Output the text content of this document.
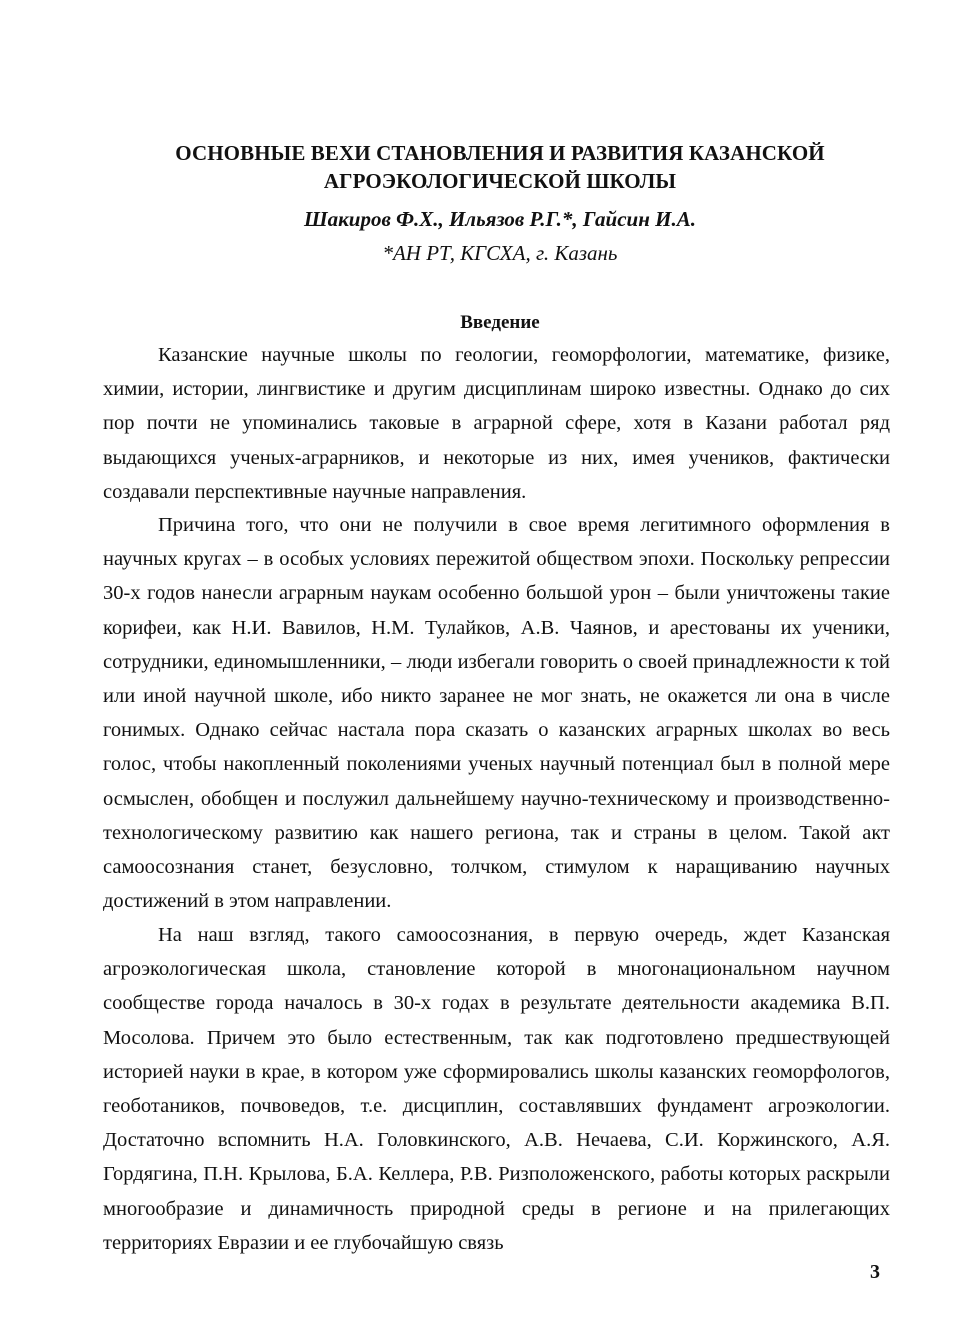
ОСНОВНЫЕ ВЕХИ СТАНОВЛЕНИЯ И РАЗВИТИЯ КАЗАНСКОЙ
АГРОЭКОЛОГИЧЕСКОЙ ШКОЛЫ
Шакиров Ф.Х., Ильязов Р.Г.*, Гайсин И.А.
*АН РТ, КГСХА, г. Казань
Введение

Казанские научные школы по геологии, геоморфологии, математике, физике, химии, истории, лингвистике и другим дисциплинам широко известны. Однако до сих пор почти не упоминались таковые в аграрной сфере, хотя в Казани работал ряд выдающихся ученых-аграрников, и некоторые из них, имея учеников, фактически создавали перспективные научные направления.

Причина того, что они не получили в свое время легитимного оформления в научных кругах – в особых условиях пережитой обществом эпохи. Поскольку репрессии 30-х годов нанесли аграрным наукам особенно большой урон – были уничтожены такие корифеи, как Н.И. Вавилов, Н.М. Тулайков, А.В. Чаянов, и арестованы их ученики, сотрудники, единомышленники, – люди избегали говорить о своей принадлежности к той или иной научной школе, ибо никто заранее не мог знать, не окажется ли она в числе гонимых. Однако сейчас настала пора сказать о казанских аграрных школах во весь голос, чтобы накопленный поколениями ученых научный потенциал был в полной мере осмыслен, обобщен и послужил дальнейшему научно-техническому и производственно-технологическому развитию как нашего региона, так и страны в целом. Такой акт самоосознания станет, безусловно, толчком, стимулом к наращиванию научных достижений в этом направлении.

На наш взгляд, такого самоосознания, в первую очередь, ждет Казанская агроэкологическая школа, становление которой в многонациональном научном сообществе города началось в 30-х годах в результате деятельности академика В.П. Мосолова. Причем это было естественным, так как подготовлено предшествующей историей науки в крае, в котором уже сформировались школы казанских геоморфологов, геоботаников, почвоведов, т.е. дисциплин, составлявших фундамент агроэкологии. Достаточно вспомнить Н.А. Головкинского, А.В. Нечаева, С.И. Коржинского, А.Я. Гордягина, П.Н. Крылова, Б.А. Келлера, Р.В. Ризположенского, работы которых раскрыли многообразие и динамичность природной среды в регионе и на прилегающих территориях Евразии и ее глубочайшую связь

3
